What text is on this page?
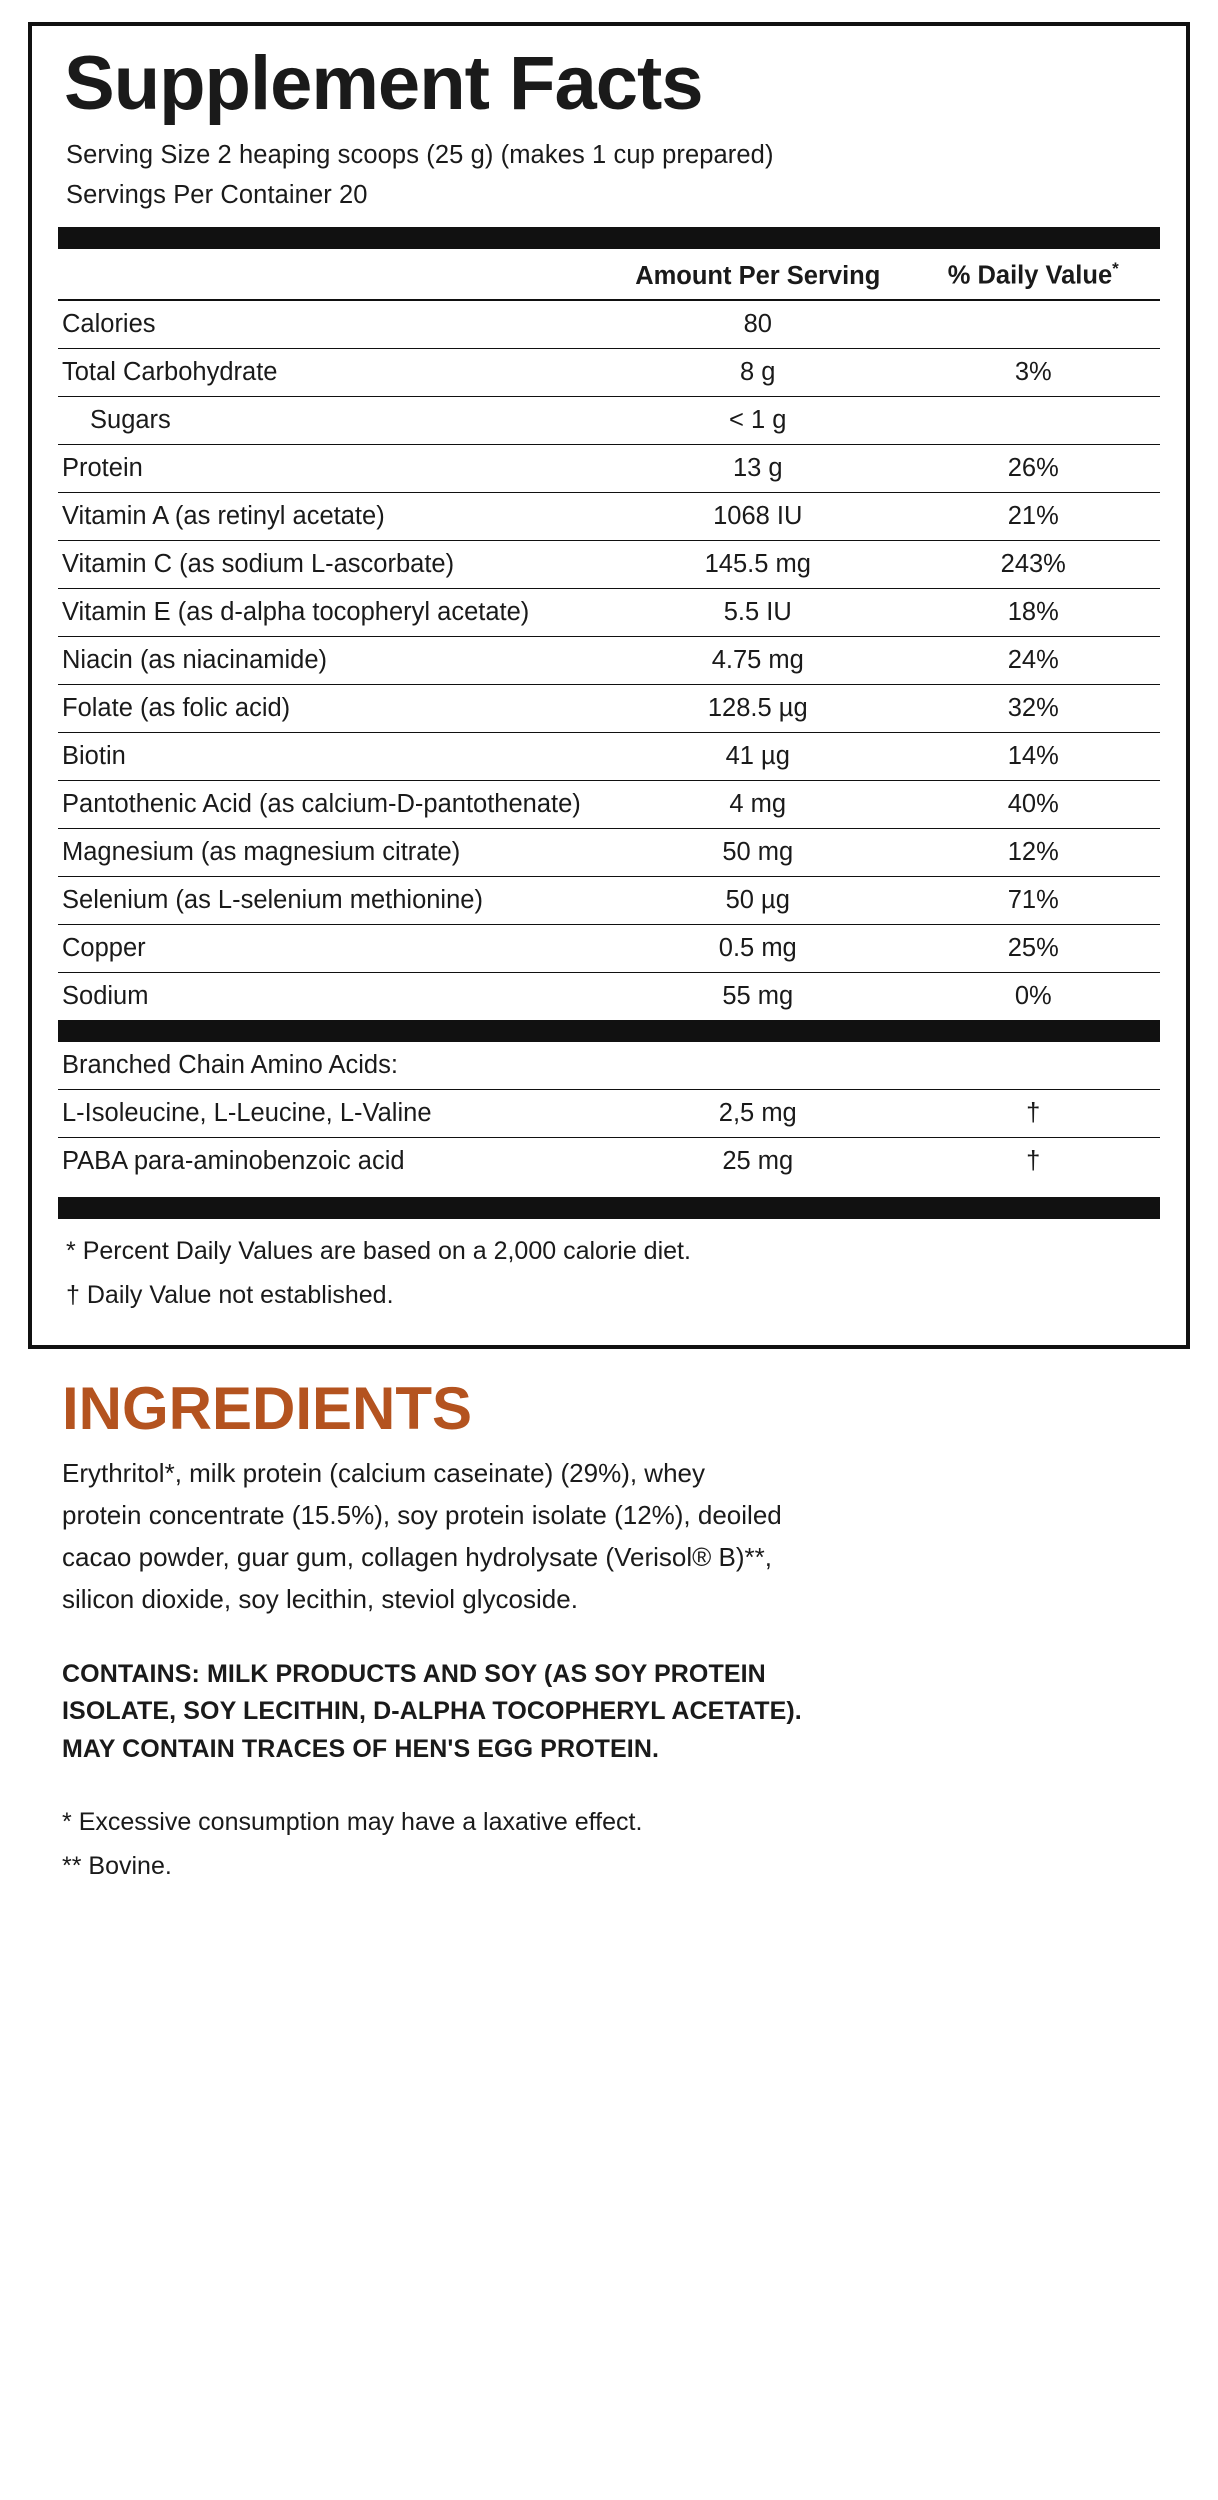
Supplement Facts
Serving Size 2 heaping scoops (25 g) (makes 1 cup prepared)
Servings Per Container 20
	Amount Per Serving	% Daily Value*
Calories	80	
Total Carbohydrate	8 g	3%
Sugars	< 1 g	
Protein	13 g	26%
Vitamin A (as retinyl acetate)	1068 IU	21%
Vitamin C (as sodium L-ascorbate)	145.5 mg	243%
Vitamin E (as d-alpha tocopheryl acetate)	5.5 IU	18%
Niacin (as niacinamide)	4.75 mg	24%
Folate (as folic acid)	128.5 µg	32%
Biotin	41 µg	14%
Pantothenic Acid (as calcium-D-pantothenate)	4 mg	40%
Magnesium (as magnesium citrate)	50 mg	12%
Selenium (as L-selenium methionine)	50 µg	71%
Copper	0.5 mg	25%
Sodium	55 mg	0%
Branched Chain Amino Acids:		
L-Isoleucine, L-Leucine, L-Valine	2,5 mg	†
PABA para-aminobenzoic acid	25 mg	†
* Percent Daily Values are based on a 2,000 calorie diet.
† Daily Value not established.
INGREDIENTS
Erythritol*, milk protein (calcium caseinate) (29%), whey protein concentrate (15.5%), soy protein isolate (12%), deoiled cacao powder, guar gum, collagen hydrolysate (Verisol® B)**, silicon dioxide, soy lecithin, steviol glycoside.
CONTAINS: MILK PRODUCTS AND SOY (AS SOY PROTEIN ISOLATE, SOY LECITHIN, D-ALPHA TOCOPHERYL ACETATE). MAY CONTAIN TRACES OF HEN'S EGG PROTEIN.
* Excessive consumption may have a laxative effect.
** Bovine.
